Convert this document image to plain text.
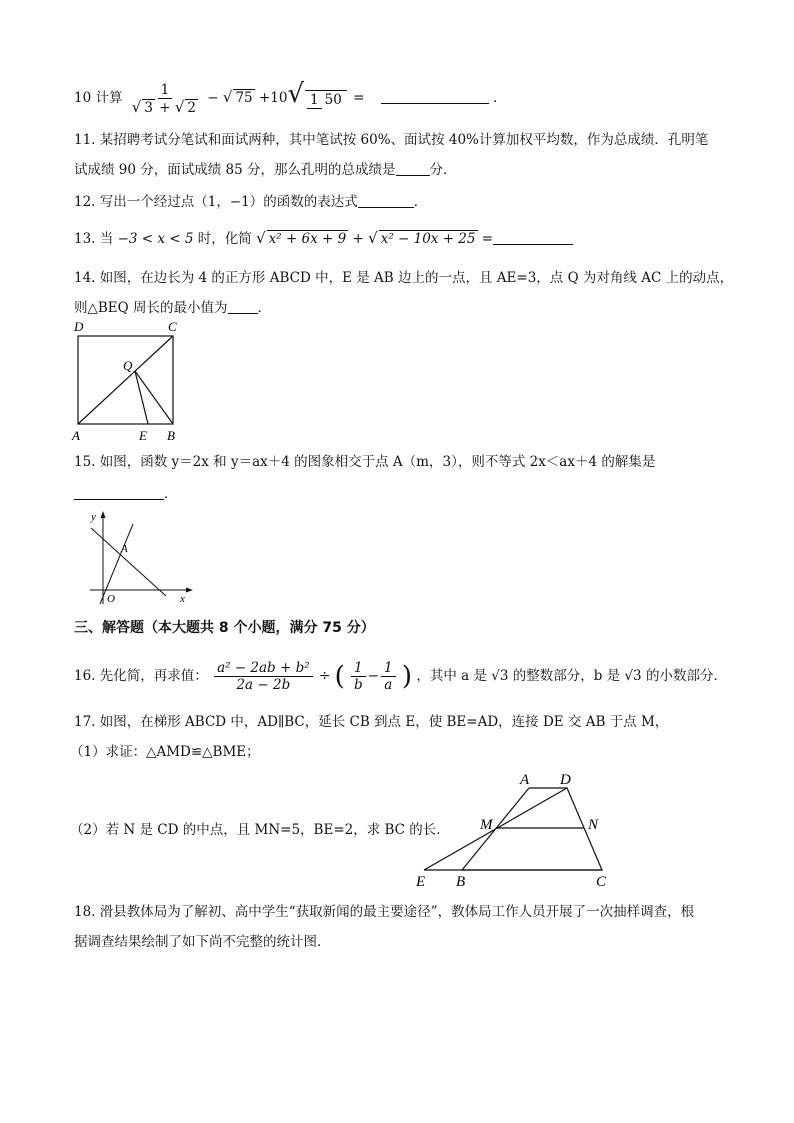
10 计算 $\frac{1}{√ 3 + √ 2}$ − √ 75 +10√ 1 50 =	.
11. 某招聘考试分笔试和面试两种，其中笔试按 60%、面试按 40%计算加权平均数，作为总成绩．孔明笔
试成绩 90 分，面试成绩 85 分，那么孔明的总成绩是	分．
12. 写出一个经过点（1，−1）的函数的表达式	．
13. 当 −3 < x < 5 时，化简 √ x² + 6x + 9 + √ x² − 10x + 25 =
14. 如图，在边长为 4 的正方形 ABCD 中，E 是 AB 边上的一点，且 AE=3，点 Q 为对角线 AC 上的动点，
则△BEQ 周长的最小值为 ．
D	C
Q
A	E B
15. 如图，函数 y＝2x 和 y＝ax＋4 的图象相交于点 A（m，3），则不等式 2x＜ax＋4 的解集是
．
y
A
O	x
三、解答题（本大题共 8 个小题，满分 75 分）
16. 先化简，再求值： $\frac{\text{a² − 2ab + b²}}{2a - 2b}$ ÷ ( $\frac{1}{b} - \frac{1}{a}$ ) ，其中 a 是 √3 的整数部分，b 是 √3 的小数部分．
17. 如图，在梯形 ABCD 中，AD∥BC，延长 CB 到点 E，使 BE=AD，连接 DE 交 AB 于点 M，
（1）求证：△AMD≌△BME；
（2）若 N 是 CD 的中点，且 MN=5，BE=2，求 BC 的长．
A D
M	N
E B	C
18. 滑县教体局为了解初、高中学生“获取新闻的最主要途径”，教体局工作人员开展了一次抽样调查，根
据调查结果绘制了如下尚不完整的统计图．
